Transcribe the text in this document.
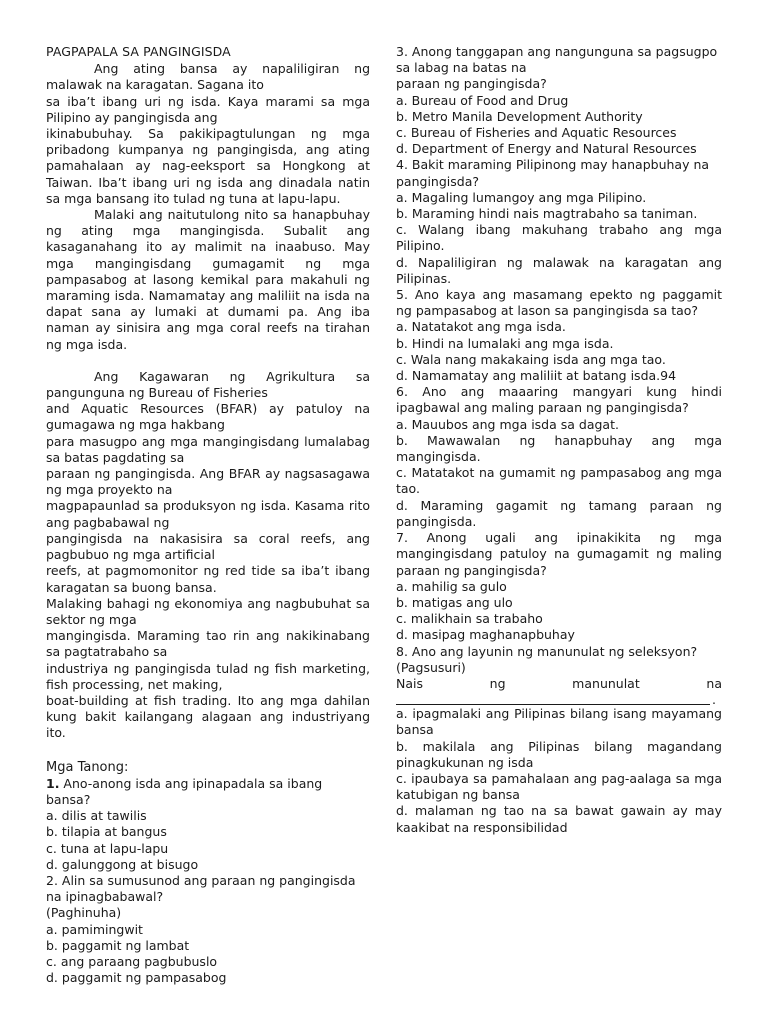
PAGPAPALA SA PANGINGISDA
Ang ating bansa ay napaliligiran ng
malawak na karagatan. Sagana ito
sa iba’t ibang uri ng isda. Kaya marami sa mga
Pilipino ay pangingisda ang
ikinabubuhay. Sa pakikipagtulungan ng mga
pribadong kumpanya ng pangingisda, ang ating
pamahalaan ay nag-eeksport sa Hongkong at
Taiwan. Iba’t ibang uri ng isda ang dinadala natin
sa mga bansang ito tulad ng tuna at lapu-lapu.
Malaki ang naitutulong nito sa hanapbuhay
ng ating mga mangingisda. Subalit ang
kasaganahang ito ay malimit na inaabuso. May
mga mangingisdang gumagamit ng mga
pampasabog at lasong kemikal para makahuli ng
maraming isda. Namamatay ang maliliit na isda na
dapat sana ay lumaki at dumami pa. Ang iba
naman ay sinisira ang mga coral reefs na tirahan
ng mga isda.
Ang Kagawaran ng Agrikultura sa
pangunguna ng Bureau of Fisheries
and Aquatic Resources (BFAR) ay patuloy na
gumagawa ng mga hakbang
para masugpo ang mga mangingisdang lumalabag
sa batas pagdating sa
paraan ng pangingisda. Ang BFAR ay nagsasagawa
ng mga proyekto na
magpapaunlad sa produksyon ng isda. Kasama rito
ang pagbabawal ng
pangingisda na nakasisira sa coral reefs, ang
pagbubuo ng mga artificial
reefs, at pagmomonitor ng red tide sa iba’t ibang
karagatan sa buong bansa.
Malaking bahagi ng ekonomiya ang nagbubuhat sa
sektor ng mga
mangingisda. Maraming tao rin ang nakikinabang
sa pagtatrabaho sa
industriya ng pangingisda tulad ng fish marketing,
fish processing, net making,
boat-building at fish trading. Ito ang mga dahilan
kung bakit kailangang alagaan ang industriyang
ito.
Mga Tanong:
1. Ano-anong isda ang ipinapadala sa ibang bansa?
a. dilis at tawilis
b. tilapia at bangus
c. tuna at lapu-lapu
d. galunggong at bisugo
2. Alin sa sumusunod ang paraan ng pangingisda
na ipinagbabawal?
(Paghinuha)
a. pamimingwit
b. paggamit ng lambat
c. ang paraang pagbubuslo
d. paggamit ng pampasabog
3. Anong tanggapan ang nangunguna sa pagsugpo
sa labag na batas na
paraan ng pangingisda?
a. Bureau of Food and Drug
b. Metro Manila Development Authority
c. Bureau of Fisheries and Aquatic Resources
d. Department of Energy and Natural Resources
4. Bakit maraming Pilipinong may hanapbuhay na
pangingisda?
a. Magaling lumangoy ang mga Pilipino.
b. Maraming hindi nais magtrabaho sa taniman.
c. Walang ibang makuhang trabaho ang mga
Pilipino.
d. Napaliligiran ng malawak na karagatan ang
Pilipinas.
5. Ano kaya ang masamang epekto ng paggamit
ng pampasabog at lason sa pangingisda sa tao?
a. Natatakot ang mga isda.
b. Hindi na lumalaki ang mga isda.
c. Wala nang makakaing isda ang mga tao.
d. Namamatay ang maliliit at batang isda.94
6. Ano ang maaaring mangyari kung hindi
ipagbawal ang maling paraan ng pangingisda?
a. Mauubos ang mga isda sa dagat.
b. Mawawalan ng hanapbuhay ang mga
mangingisda.
c. Matatakot na gumamit ng pampasabog ang mga
tao.
d. Maraming gagamit ng tamang paraan ng
pangingisda.
7. Anong ugali ang ipinakikita ng mga
mangingisdang patuloy na gumagamit ng maling
paraan ng pangingisda?
a. mahilig sa gulo
b. matigas ang ulo
c. malikhain sa trabaho
d. masipag maghanapbuhay
8. Ano ang layunin ng manunulat ng seleksyon?
(Pagsusuri)
Nais ng manunulat na
.
a. ipagmalaki ang Pilipinas bilang isang mayamang
bansa
b. makilala ang Pilipinas bilang magandang
pinagkukunan ng isda
c. ipaubaya sa pamahalaan ang pag-aalaga sa mga
katubigan ng bansa
d. malaman ng tao na sa bawat gawain ay may
kaakibat na responsibilidad
